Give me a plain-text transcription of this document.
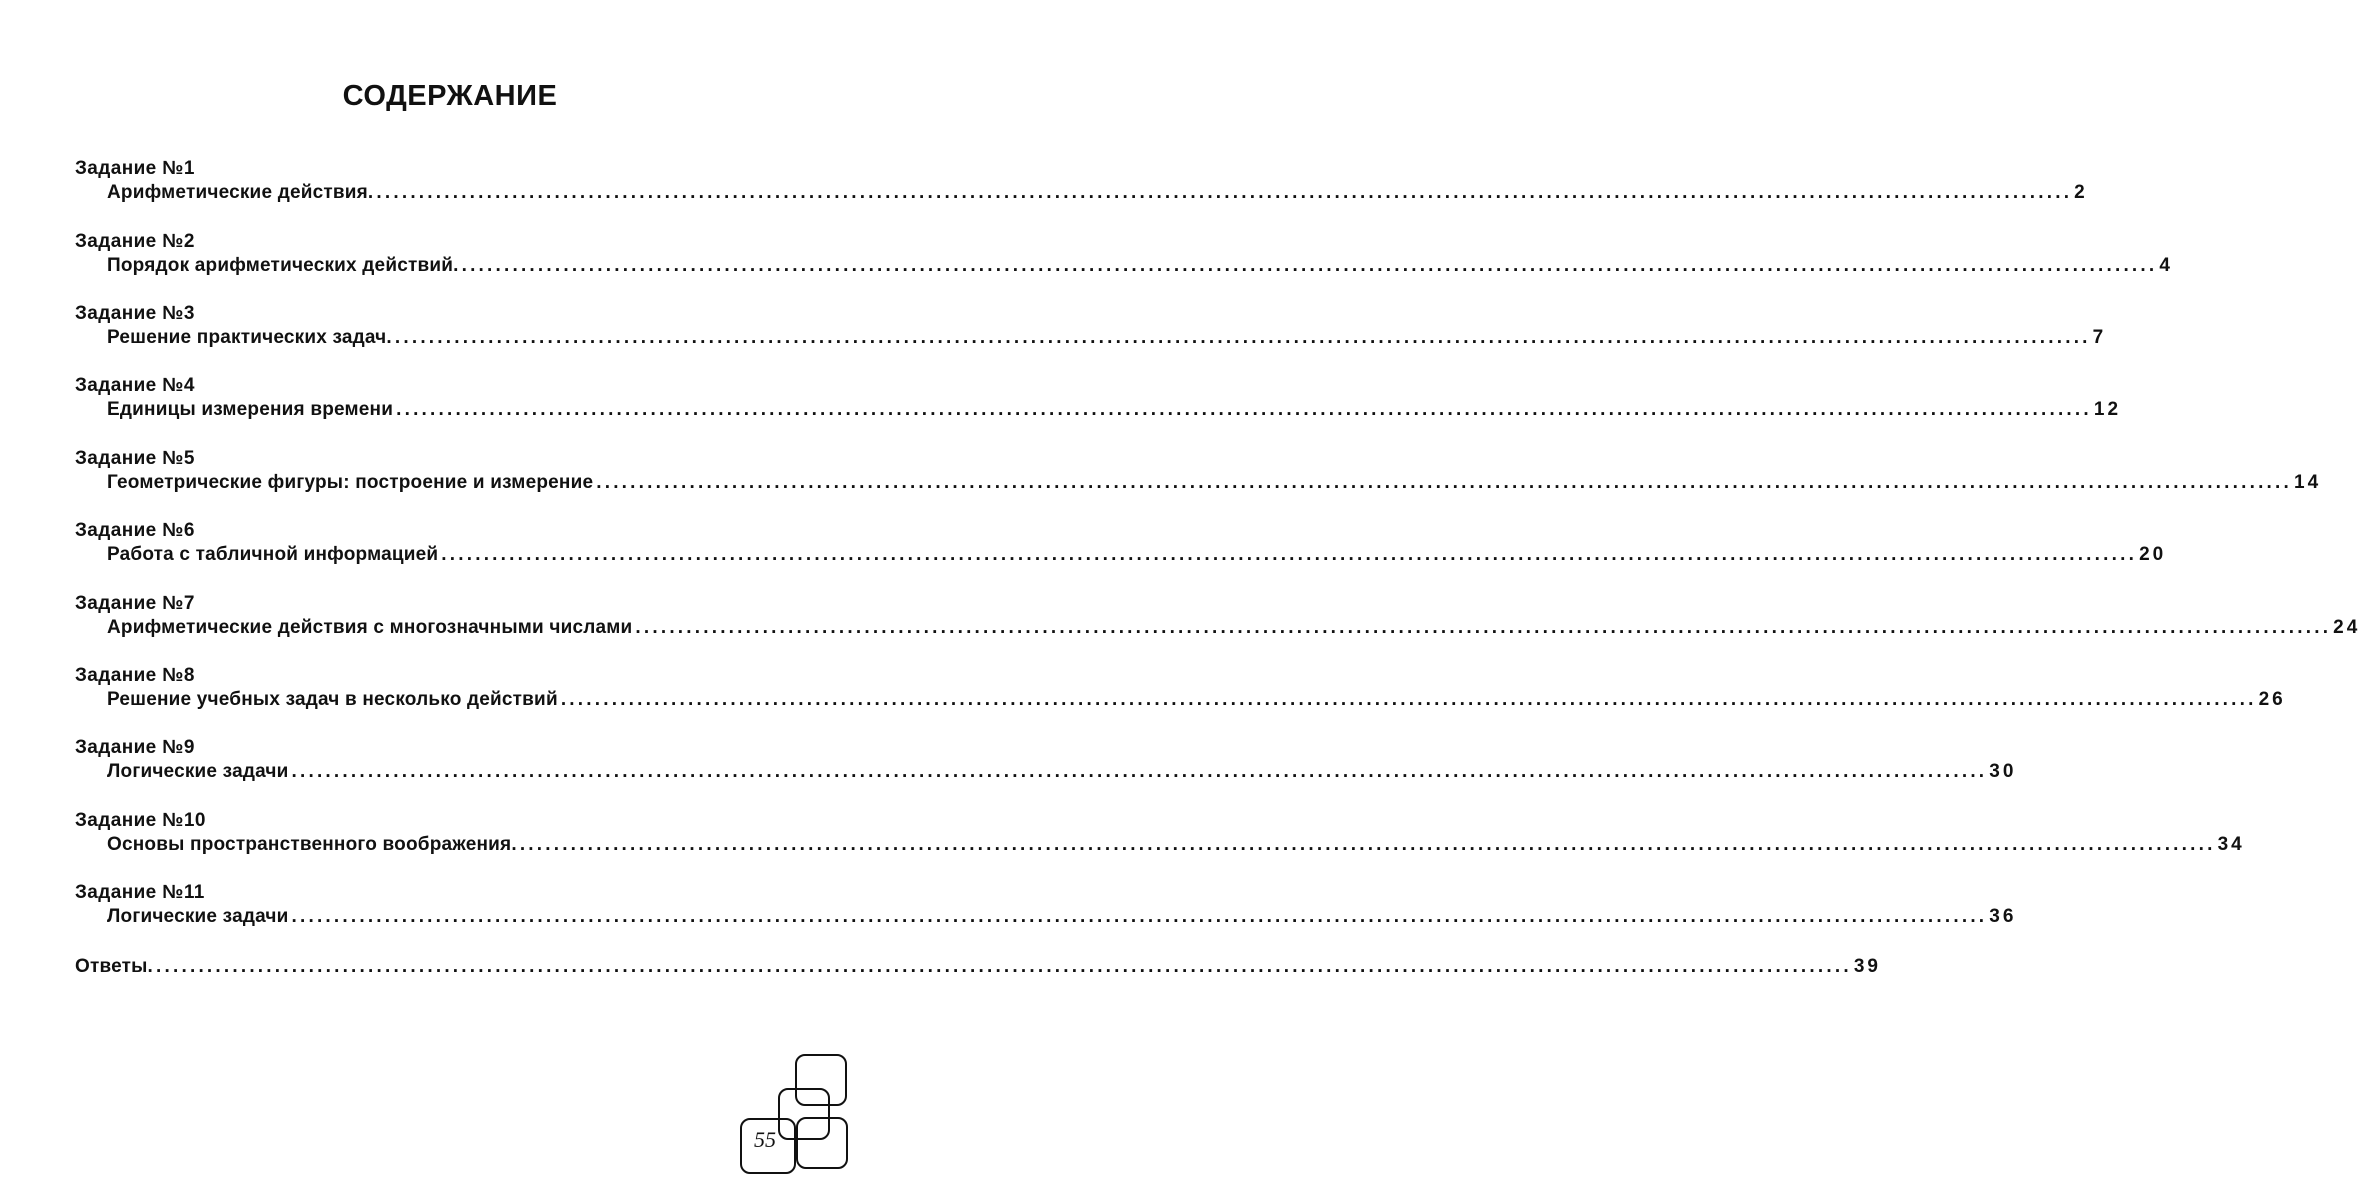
СОДЕРЖАНИЕ
Задание №1
Арифметические действия. ........................................................................................................................................................................................................ 2
Задание №2
Порядок арифметических действий. ........................................................................................................................................................................................................ 4
Задание №3
Решение практических задач. ........................................................................................................................................................................................................ 7
Задание №4
Единицы измерения времени ........................................................................................................................................................................................................ 12
Задание №5
Геометрические фигуры: построение и измерение ........................................................................................................................................................................................................ 14
Задание №6
Работа с табличной информацией ........................................................................................................................................................................................................ 20
Задание №7
Арифметические действия с многозначными числами ........................................................................................................................................................................................................ 24
Задание №8
Решение учебных задач в несколько действий ........................................................................................................................................................................................................ 26
Задание №9
Логические задачи ........................................................................................................................................................................................................ 30
Задание №10
Основы пространственного воображения. ........................................................................................................................................................................................................ 34
Задание №11
Логические задачи ........................................................................................................................................................................................................ 36
Ответы. ........................................................................................................................................................................................................ 39
55
